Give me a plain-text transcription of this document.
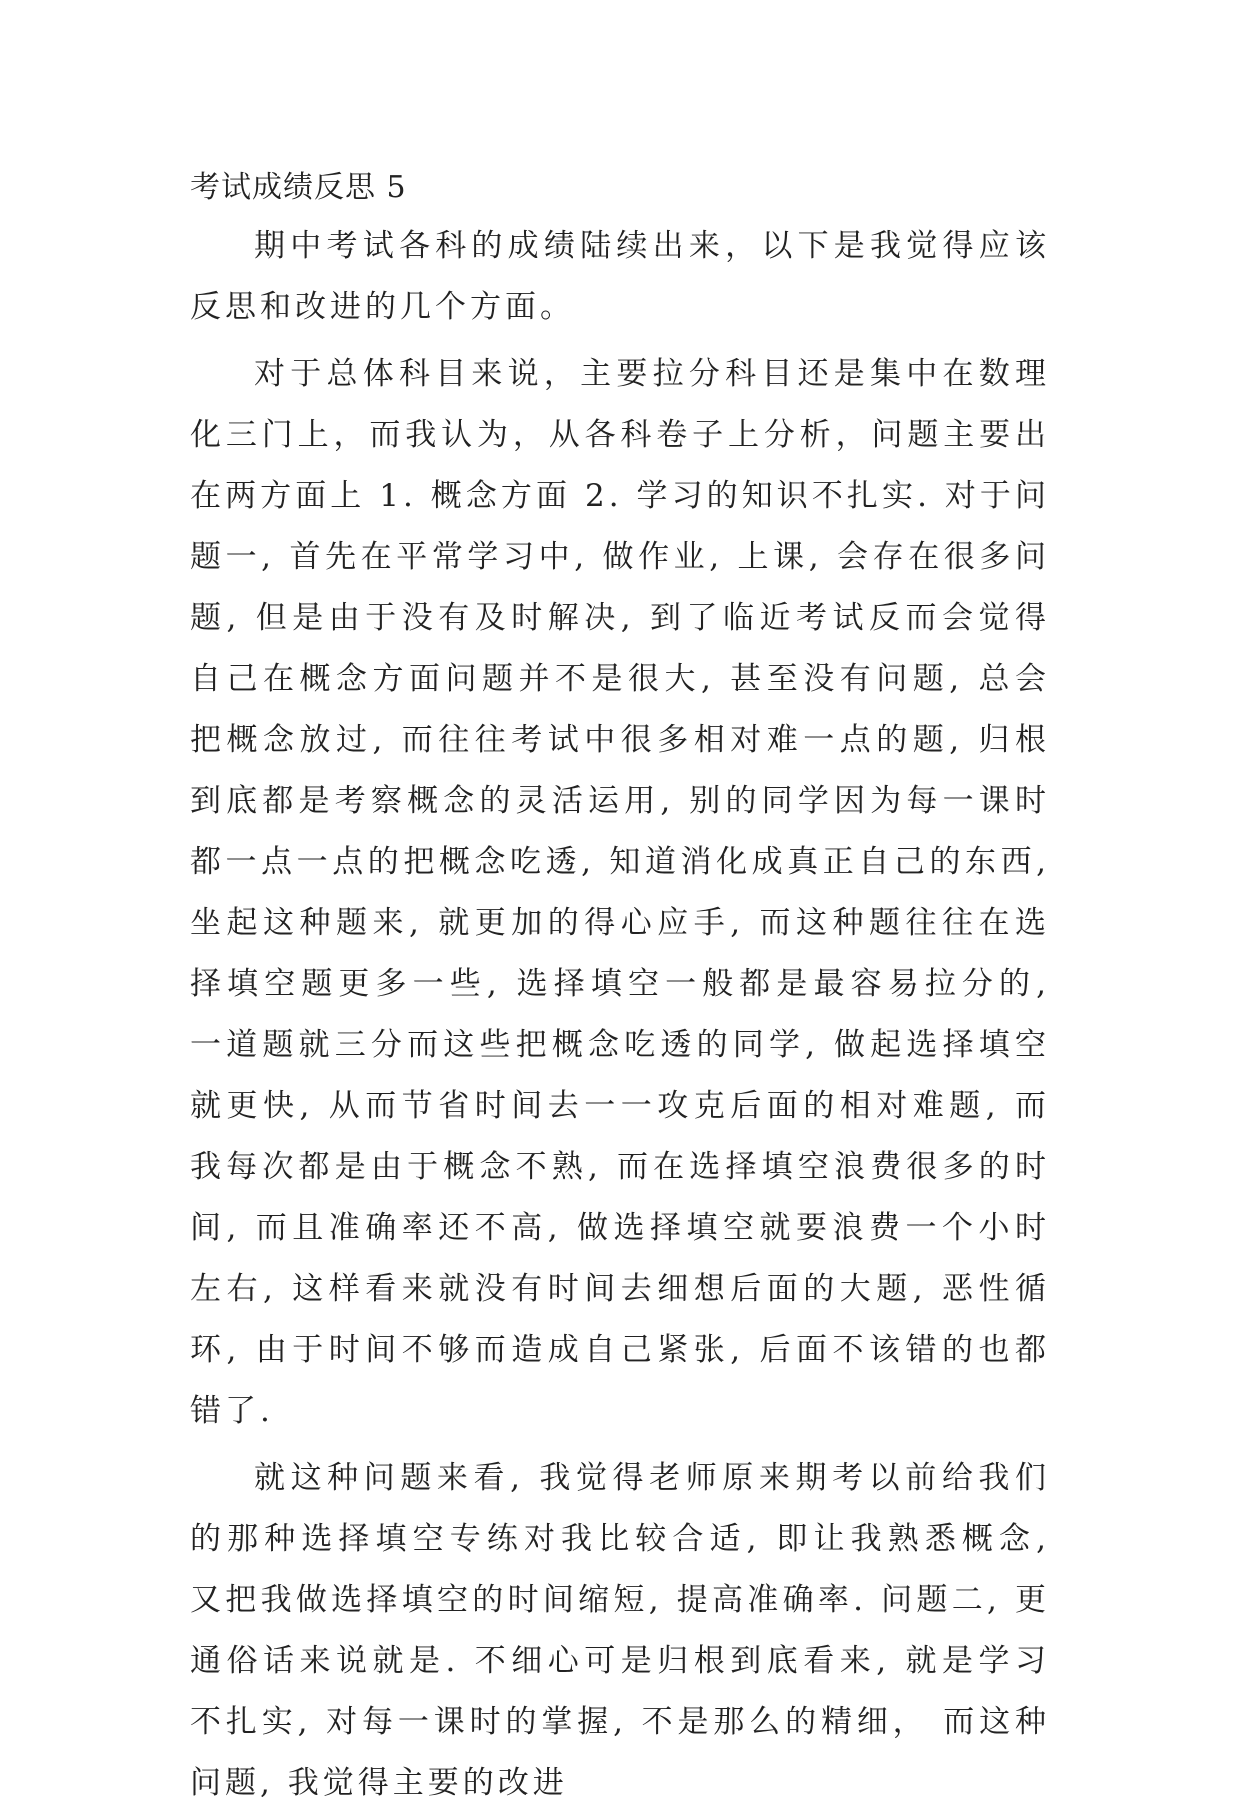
考试成绩反思 5

期中考试各科的成绩陆续出来，以下是我觉得应该反思和改进的几个方面。

对于总体科目来说，主要拉分科目还是集中在数理化三门上，而我认为，从各科卷子上分析，问题主要出在两方面上 1. 概念方面 2. 学习的知识不扎实. 对于问题一, 首先在平常学习中, 做作业, 上课, 会存在很多问题, 但是由于没有及时解决, 到了临近考试反而会觉得自己在概念方面问题并不是很大, 甚至没有问题, 总会把概念放过, 而往往考试中很多相对难一点的题, 归根到底都是考察概念的灵活运用, 别的同学因为每一课时都一点一点的把概念吃透, 知道消化成真正自己的东西, 坐起这种题来, 就更加的得心应手, 而这种题往往在选择填空题更多一些, 选择填空一般都是最容易拉分的, 一道题就三分而这些把概念吃透的同学, 做起选择填空就更快, 从而节省时间去一一攻克后面的相对难题, 而我每次都是由于概念不熟, 而在选择填空浪费很多的时间, 而且准确率还不高, 做选择填空就要浪费一个小时左右, 这样看来就没有时间去细想后面的大题, 恶性循环, 由于时间不够而造成自己紧张, 后面不该错的也都错了.

就这种问题来看, 我觉得老师原来期考以前给我们的那种选择填空专练对我比较合适, 即让我熟悉概念, 又把我做选择填空的时间缩短, 提高准确率. 问题二, 更通俗话来说就是. 不细心可是归根到底看来, 就是学习不扎实, 对每一课时的掌握, 不是那么的精细， 而这种问题, 我觉得主要的改进
